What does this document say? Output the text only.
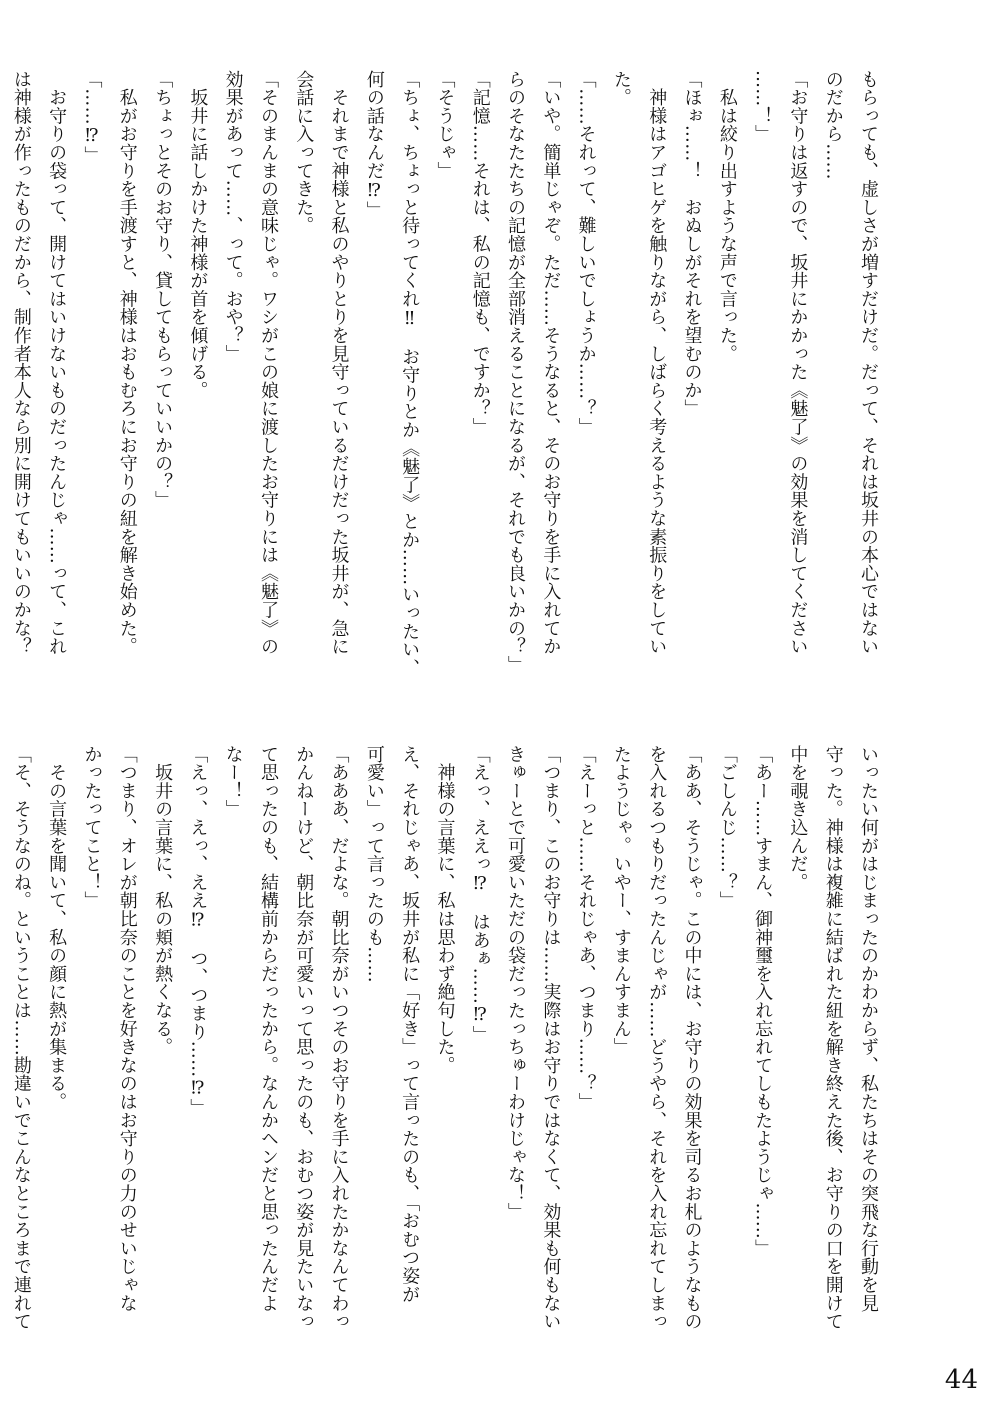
もらっても、虚しさが増すだけだ。だって、それは坂井の本心ではない
のだから……
「お守りは返すので、坂井にかかった《魅了》の効果を消してください
……！」
　私は絞り出すような声で言った。
「ほぉ……！　おぬしがそれを望むのか」
　神様はアゴヒゲを触りながら、しばらく考えるような素振りをしてい
た。
「……それって、難しいでしょうか……？」
「いや。簡単じゃぞ。ただ……そうなると、そのお守りを手に入れてか
らのそなたたちの記憶が全部消えることになるが、それでも良いかの？」
「記憶……それは、私の記憶も、ですか？」
「そうじゃ」
「ちょ、ちょっと待ってくれ‼　お守りとか《魅了》とか……いったい、
何の話なんだ⁉」
　それまで神様と私のやりとりを見守っているだけだった坂井が、急に
会話に入ってきた。
「そのまんまの意味じゃ。ワシがこの娘に渡したお守りには《魅了》の
効果があって……、って。おや？」
　坂井に話しかけた神様が首を傾げる。
「ちょっとそのお守り、貸してもらっていいかの？」
　私がお守りを手渡すと、神様はおもむろにお守りの紐を解き始めた。
「……⁉」
　お守りの袋って、開けてはいけないものだったんじゃ……って、これ
は神様が作ったものだから、制作者本人なら別に開けてもいいのかな？
いったい何がはじまったのかわからず、私たちはその突飛な行動を見
守った。神様は複雑に結ばれた紐を解き終えた後、お守りの口を開けて
中を覗き込んだ。
「あー……すまん、御神璽を入れ忘れてしもたようじゃ……」
「ごしんじ……？」
「ああ、そうじゃ。この中には、お守りの効果を司るお札のようなもの
を入れるつもりだったんじゃが……どうやら、それを入れ忘れてしまっ
たようじゃ。いやー、すまんすまん」
「えーっと……それじゃあ、つまり……？」
「つまり、このお守りは……実際はお守りではなくて、効果も何もない
きゅーとで可愛いただの袋だったっちゅーわけじゃな！」
「えっ、ええっ⁉　はあぁ……⁉」
　神様の言葉に、私は思わず絶句した。
え、それじゃあ、坂井が私に「好き」って言ったのも、「おむつ姿が
可愛い」って言ったのも……
「あああ、だよな。朝比奈がいつそのお守りを手に入れたかなんてわっ
かんねーけど、朝比奈が可愛いって思ったのも、おむつ姿が見たいなっ
て思ったのも、結構前からだったから。なんかヘンだと思ったんだよ
なー！」
「えっ、えっ、ええ⁉　つ、つまり……⁉」
　坂井の言葉に、私の頬が熱くなる。
「つまり、オレが朝比奈のことを好きなのはお守りの力のせいじゃな
かったってこと！」
　その言葉を聞いて、私の顔に熱が集まる。
「そ、そうなのね。ということは……勘違いでこんなところまで連れて
44
